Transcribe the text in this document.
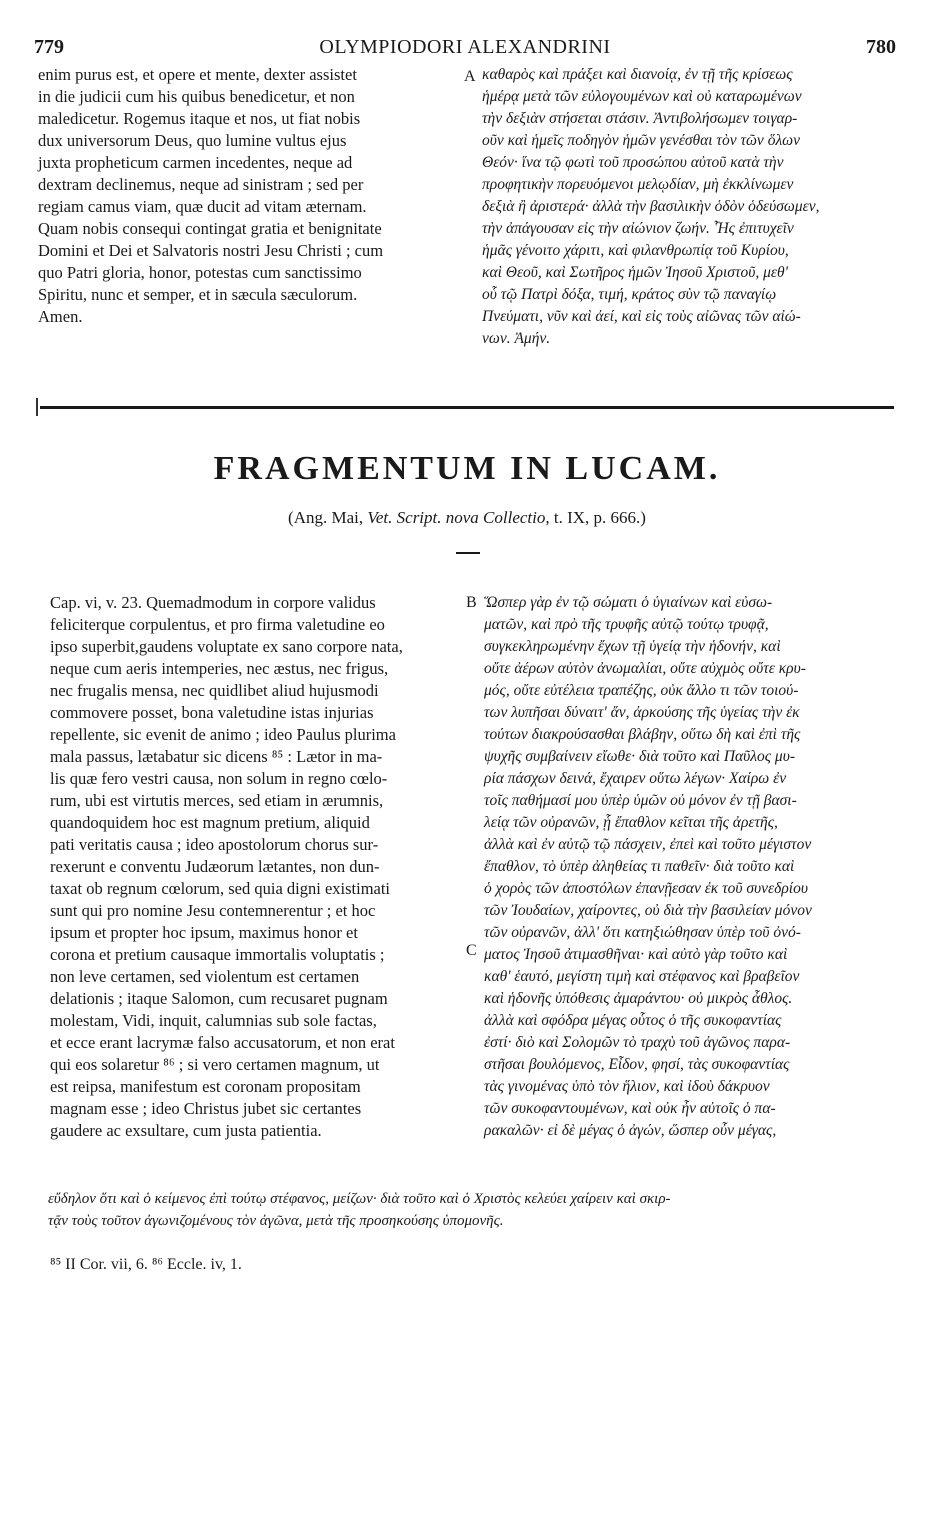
779	OLYMPIODORI ALEXANDRINI	780
enim purus est, et opere et mente, dexter assistet
in die judicii cum his quibus benedicetur, et non
maledicetur. Rogemus itaque et nos, ut fiat nobis
dux universorum Deus, quo lumine vultus ejus
juxta propheticum carmen incedentes, neque ad
dextram declinemus, neque ad sinistram ; sed per
regiam camus viam, quæ ducit ad vitam æternam.
Quam nobis consequi contingat gratia et benignitate
Domini et Dei et Salvatoris nostri Jesu Christi ; cum
quo Patri gloria, honor, potestas cum sanctissimo
Spiritu, nunc et semper, et in sæcula sæculorum.
Amen.
A καθαρὸς καὶ πράξει καὶ διανοίᾳ, ἐν τῇ τῆς κρίσεως
ἡμέρᾳ μετὰ τῶν εὐλογουμένων καὶ οὐ καταρωμένων
τὴν δεξιὰν στήσεται στάσιν. Ἀντιβολήσωμεν τοιγαρ-
οῦν καὶ ἡμεῖς ποδηγὸν ἡμῶν γενέσθαι τὸν τῶν ὅλων
Θεόν· ἵνα τῷ φωτὶ τοῦ προσώπου αὐτοῦ κατὰ τὴν
προφητικὴν πορευόμενοι μελῳδίαν, μὴ ἐκκλίνωμεν
δεξιὰ ἢ ἀριστερά· ἀλλὰ τὴν βασιλικὴν ὁδὸν ὁδεύσωμεν,
τὴν ἀπάγουσαν εἰς τὴν αἰώνιον ζωήν. Ἧς ἐπιτυχεῖν
ἡμᾶς γένοιτο χάριτι, καὶ φιλανθρωπίᾳ τοῦ Κυρίου,
καὶ Θεοῦ, καὶ Σωτῆρος ἡμῶν Ἰησοῦ Χριστοῦ, μεθ'
οὗ τῷ Πατρὶ δόξα, τιμή, κράτος σὺν τῷ παναγίῳ
Πνεύματι, νῦν καὶ ἀεί, καὶ εἰς τοὺς αἰῶνας τῶν αἰώ-
νων. Ἀμήν.
FRAGMENTUM IN LUCAM.
(Ang. Mai, Vet. Script. nova Collectio, t. IX, p. 666.)
Cap. vi, v. 23. Quemadmodum in corpore validus
feliciterque corpulentus, et pro firma valetudine eo
ipso superbit,gaudens voluptate ex sano corpore nata,
neque cum aeris intemperies, nec æstus, nec frigus,
nec frugalis mensa, nec quidlibet aliud hujusmodi
commovere posset, bona valetudine istas injurias
repellente, sic evenit de animo ; ideo Paulus plurima
mala passus, lætabatur sic dicens ⁸⁵ : Lætor in ma-
lis quæ fero vestri causa, non solum in regno cœlo-
rum, ubi est virtutis merces, sed etiam in ærumnis,
quandoquidem hoc est magnum pretium, aliquid
pati veritatis causa ; ideo apostolorum chorus sur-
rexerunt e conventu Judæorum lætantes, non dun-
taxat ob regnum cœlorum, sed quia digni existimati
sunt qui pro nomine Jesu contemnerentur ; et hoc
ipsum et propter hoc ipsum, maximus honor et
corona et pretium causaque immortalis voluptatis ;
non leve certamen, sed violentum est certamen
delationis ; itaque Salomon, cum recusaret pugnam
molestam, Vidi, inquit, calumnias sub sole factas,
et ecce erant lacrymæ falso accusatorum, et non erat
qui eos solaretur ⁸⁶ ; si vero certamen magnum, ut
est reipsa, manifestum est coronam propositam
magnam esse ; ideo Christus jubet sic certantes
gaudere ac exsultare, cum justa patientia.
B
C
Ὥσπερ γὰρ ἐν τῷ σώματι ὁ ὑγιαίνων καὶ εὐσω-
ματῶν, καὶ πρὸ τῆς τρυφῆς αὐτῷ τούτῳ τρυφᾷ,
συγκεκληρωμένην ἔχων τῇ ὑγείᾳ τὴν ἡδονήν, καὶ
οὔτε ἀέρων αὐτὸν ἀνωμαλίαι, οὔτε αὐχμὸς οὔτε κρυ-
μός, οὔτε εὐτέλεια τραπέζης, οὐκ ἄλλο τι τῶν τοιού-
των λυπῆσαι δύναιτ' ἄν, ἀρκούσης τῆς ὑγείας τὴν ἐκ
τούτων διακρούσασθαι βλάβην, οὕτω δὴ καὶ ἐπὶ τῆς
ψυχῆς συμβαίνειν εἴωθε· διὰ τοῦτο καὶ Παῦλος μυ-
ρία πάσχων δεινά, ἔχαιρεν οὕτω λέγων· Χαίρω ἐν
τοῖς παθήμασί μου ὑπὲρ ὑμῶν οὐ μόνον ἐν τῇ βασι-
λείᾳ τῶν οὐρανῶν, ᾗ ἔπαθλον κεῖται τῆς ἀρετῆς,
ἀλλὰ καὶ ἐν αὐτῷ τῷ πάσχειν, ἐπεὶ καὶ τοῦτο μέγιστον
ἔπαθλον, τὸ ὑπὲρ ἀληθείας τι παθεῖν· διὰ τοῦτο καὶ
ὁ χορὸς τῶν ἀποστόλων ἐπανῇεσαν ἐκ τοῦ συνεδρίου
τῶν Ἰουδαίων, χαίροντες, οὐ διὰ τὴν βασιλείαν μόνον
τῶν οὐρανῶν, ἀλλ' ὅτι κατηξιώθησαν ὑπὲρ τοῦ ὀνό-
ματος Ἰησοῦ ἀτιμασθῆναι· καὶ αὐτὸ γὰρ τοῦτο καὶ
καθ' ἑαυτό, μεγίστη τιμὴ καὶ στέφανος καὶ βραβεῖον
καὶ ἡδονῆς ὑπόθεσις ἀμαράντου· οὐ μικρὸς ἆθλος.
ἀλλὰ καὶ σφόδρα μέγας οὗτος ὁ τῆς συκοφαντίας
ἐστί· διὸ καὶ Σολομῶν τὸ τραχὺ τοῦ ἀγῶνος παρα-
στῆσαι βουλόμενος, Εἶδον, φησί, τὰς συκοφαντίας
τὰς γινομένας ὑπὸ τὸν ἥλιον, καὶ ἰδοὺ δάκρυον
τῶν συκοφαντουμένων, καὶ οὐκ ἦν αὐτοῖς ὁ πα-
ρακαλῶν· εἰ δὲ μέγας ὁ ἀγών, ὥσπερ οὖν μέγας,
εὔδηλον ὅτι καὶ ὁ κείμενος ἐπὶ τούτῳ στέφανος, μείζων· διὰ τοῦτο καὶ ὁ Χριστὸς κελεύει χαίρειν καὶ σκιρ-
τᾷν τοὺς τοῦτον ἀγωνιζομένους τὸν ἀγῶνα, μετὰ τῆς προσηκούσης ὑπομονῆς.
⁸⁵ II Cor. vii, 6. ⁸⁶ Eccle. iv, 1.
